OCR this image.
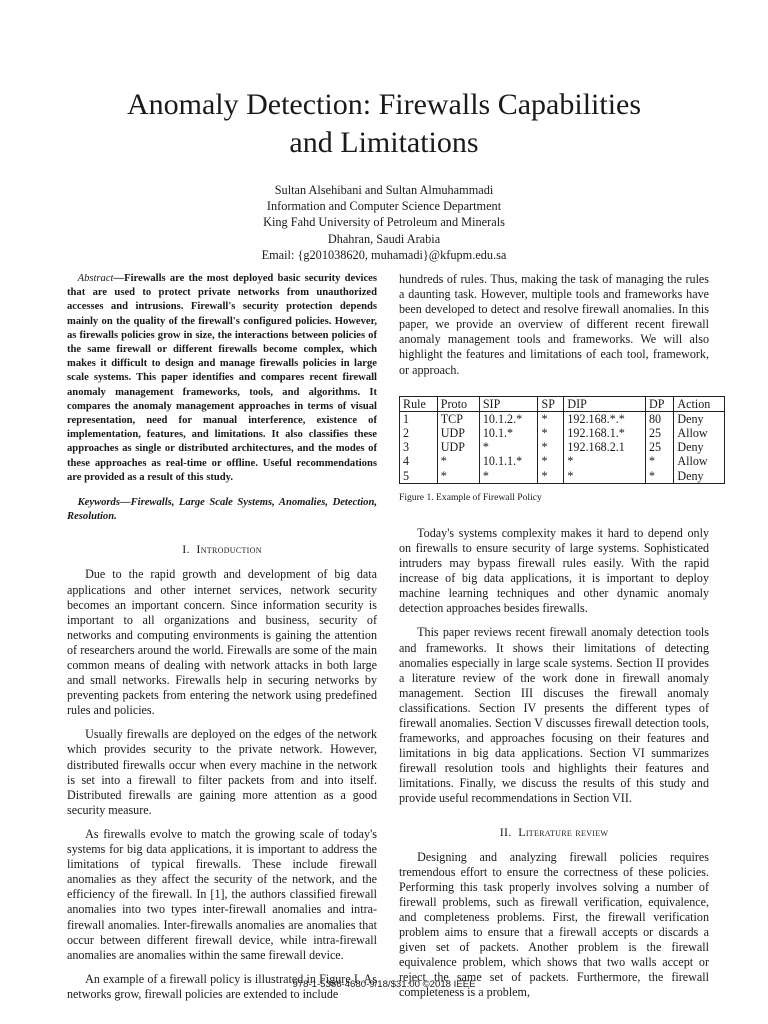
Anomaly Detection: Firewalls Capabilities
and Limitations
Sultan Alsehibani and Sultan Almuhammadi
Information and Computer Science Department
King Fahd University of Petroleum and Minerals
Dhahran, Saudi Arabia
Email: {g201038620, muhamadi}@kfupm.edu.sa

Abstract—Firewalls are the most deployed basic security devices that are used to protect private networks from unauthorized accesses and intrusions. Firewall's security protection depends mainly on the quality of the firewall's configured policies. However, as firewalls policies grow in size, the interactions between policies of the same firewall or different firewalls become complex, which makes it difficult to design and manage firewalls policies in large scale systems. This paper identifies and compares recent firewall anomaly management frameworks, tools, and algorithms. It compares the anomaly management approaches in terms of visual representation, need for manual interference, existence of implementation, features, and limitations. It also classifies these approaches as single or distributed architectures, and the modes of these approaches as real-time or offline. Useful recommendations are provided as a result of this study.

Keywords—Firewalls, Large Scale Systems, Anomalies, Detection, Resolution.

I. Introduction

Due to the rapid growth and development of big data applications and other internet services, network security becomes an important concern. Since information security is important to all organizations and business, security of networks and computing environments is gaining the attention of researchers around the world. Firewalls are some of the main common means of dealing with network attacks in both large and small networks. Firewalls help in securing networks by preventing packets from entering the network using predefined rules and policies.

Usually firewalls are deployed on the edges of the network which provides security to the private network. However, distributed firewalls occur when every machine in the network is set into a firewall to filter packets from and into itself. Distributed firewalls are gaining more attention as a good security measure.

As firewalls evolve to match the growing scale of today's systems for big data applications, it is important to address the limitations of typical firewalls. These include firewall anomalies as they affect the security of the network, and the efficiency of the firewall. In [1], the authors classified firewall anomalies into two types inter-firewall anomalies and intra-firewall anomalies. Inter-firewalls anomalies are anomalies that occur between different firewall device, while intra-firewall anomalies are anomalies within the same firewall device.

An example of a firewall policy is illustrated in Figure I. As networks grow, firewall policies are extended to include

hundreds of rules. Thus, making the task of managing the rules a daunting task. However, multiple tools and frameworks have been developed to detect and resolve firewall anomalies. In this paper, we provide an overview of different recent firewall anomaly management tools and frameworks. We will also highlight the features and limitations of each tool, framework, or approach.

Rule	Proto	SIP	SP	DIP	DP	Action
1	TCP	10.1.2.*	*	192.168.*.*	80	Deny
2	UDP	10.1.*	*	192.168.1.*	25	Allow
3	UDP	*	*	192.168.2.1	25	Deny
4	*	10.1.1.*	*	*	*	Allow
5	*	*	*	*	*	Deny
Figure 1. Example of Firewall Policy

Today's systems complexity makes it hard to depend only on firewalls to ensure security of large systems. Sophisticated intruders may bypass firewall rules easily. With the rapid increase of big data applications, it is important to deploy machine learning techniques and other dynamic anomaly detection approaches besides firewalls.

This paper reviews recent firewall anomaly detection tools and frameworks. It shows their limitations of detecting anomalies especially in large scale systems. Section II provides a literature review of the work done in firewall anomaly management. Section III discuses the firewall anomaly classifications. Section IV presents the different types of firewall anomalies. Section V discusses firewall detection tools, frameworks, and approaches focusing on their features and limitations in big data applications. Section VI summarizes firewall resolution tools and highlights their features and limitations. Finally, we discuss the results of this study and provide useful recommendations in Section VII.

II. Literature review

Designing and analyzing firewall policies requires tremendous effort to ensure the correctness of these policies. Performing this task properly involves solving a number of firewall problems, such as firewall verification, equivalence, and completeness problems. First, the firewall verification problem aims to ensure that a firewall accepts or discards a given set of packets. Another problem is the firewall equivalence problem, which shows that two walls accept or reject the same set of packets. Furthermore, the firewall completeness is a problem,

978-1-5386-4680-9/18/$31.00 ©2018 IEEE
